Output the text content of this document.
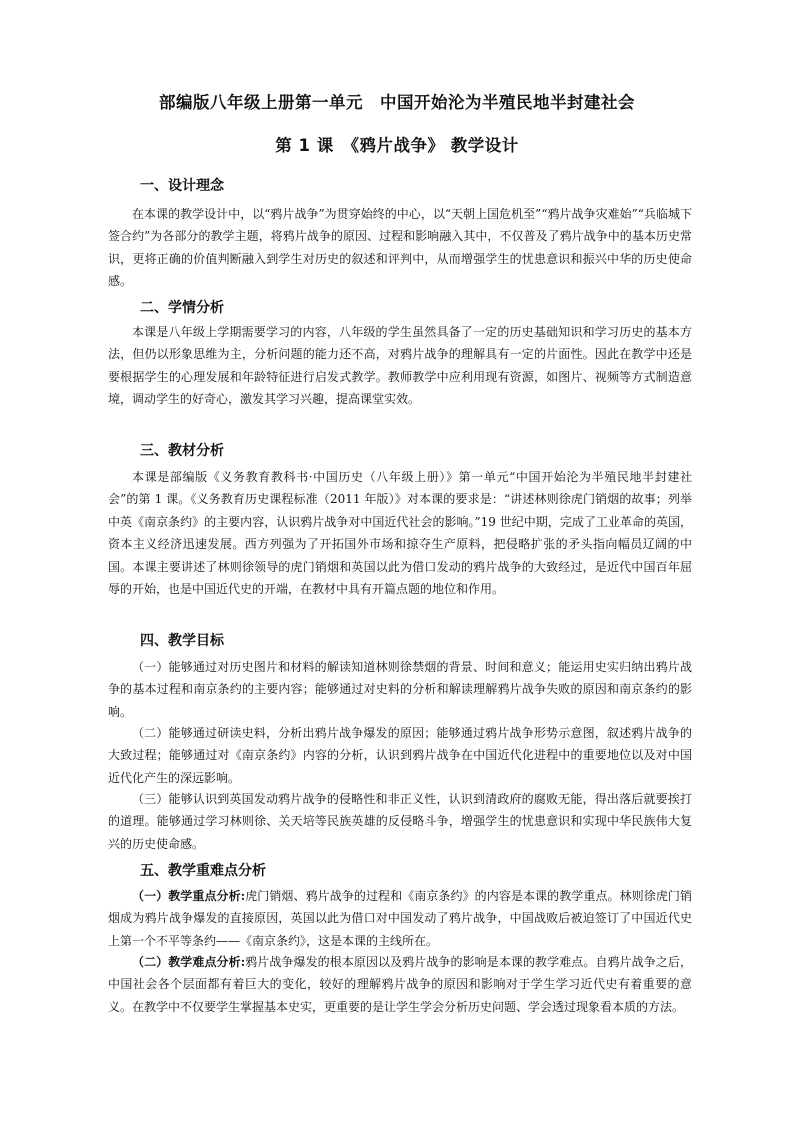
部编版八年级上册第一单元　中国开始沦为半殖民地半封建社会
第 1 课　《鸦片战争》 教学设计
一、设计理念
在本课的教学设计中，以“鸦片战争”为贯穿始终的中心，以“天朝上国危机至”“鸦片战争灾难始”“兵临城下签合约”为各部分的教学主题，将鸦片战争的原因、过程和影响融入其中，不仅普及了鸦片战争中的基本历史常识，更将正确的价值判断融入到学生对历史的叙述和评判中，从而增强学生的忧患意识和振兴中华的历史使命感。
二、学情分析
本课是八年级上学期需要学习的内容，八年级的学生虽然具备了一定的历史基础知识和学习历史的基本方法，但仍以形象思维为主，分析问题的能力还不高，对鸦片战争的理解具有一定的片面性。因此在教学中还是要根据学生的心理发展和年龄特征进行启发式教学。教师教学中应利用现有资源，如图片、视频等方式制造意境，调动学生的好奇心，激发其学习兴趣，提高课堂实效。
三、教材分析
本课是部编版《义务教育教科书·中国历史（八年级上册）》第一单元“中国开始沦为半殖民地半封建社会”的第 1 课。《义务教育历史课程标准（2011 年版）》对本课的要求是：“讲述林则徐虎门销烟的故事；列举中英《南京条约》的主要内容，认识鸦片战争对中国近代社会的影响。”19 世纪中期，完成了工业革命的英国，资本主义经济迅速发展。西方列强为了开拓国外市场和掠夺生产原料，把侵略扩张的矛头指向幅员辽阔的中国。本课主要讲述了林则徐领导的虎门销烟和英国以此为借口发动的鸦片战争的大致经过，是近代中国百年屈辱的开始，也是中国近代史的开端，在教材中具有开篇点题的地位和作用。
四、教学目标
（一）能够通过对历史图片和材料的解读知道林则徐禁烟的背景、时间和意义；能运用史实归纳出鸦片战争的基本过程和南京条约的主要内容；能够通过对史料的分析和解读理解鸦片战争失败的原因和南京条约的影响。
（二）能够通过研读史料，分析出鸦片战争爆发的原因；能够通过鸦片战争形势示意图，叙述鸦片战争的大致过程；能够通过对《南京条约》内容的分析，认识到鸦片战争在中国近代化进程中的重要地位以及对中国近代化产生的深远影响。
（三）能够认识到英国发动鸦片战争的侵略性和非正义性，认识到清政府的腐败无能，得出落后就要挨打的道理。能够通过学习林则徐、关天培等民族英雄的反侵略斗争，增强学生的忧患意识和实现中华民族伟大复兴的历史使命感。
五、教学重难点分析
（一）教学重点分析:虎门销烟、鸦片战争的过程和《南京条约》的内容是本课的教学重点。林则徐虎门销烟成为鸦片战争爆发的直接原因，英国以此为借口对中国发动了鸦片战争，中国战败后被迫签订了中国近代史上第一个不平等条约——《南京条约》，这是本课的主线所在。
（二）教学难点分析:鸦片战争爆发的根本原因以及鸦片战争的影响是本课的教学难点。自鸦片战争之后，中国社会各个层面都有着巨大的变化，较好的理解鸦片战争的原因和影响对于学生学习近代史有着重要的意义。在教学中不仅要学生掌握基本史实，更重要的是让学生学会分析历史问题、学会透过现象看本质的方法。
